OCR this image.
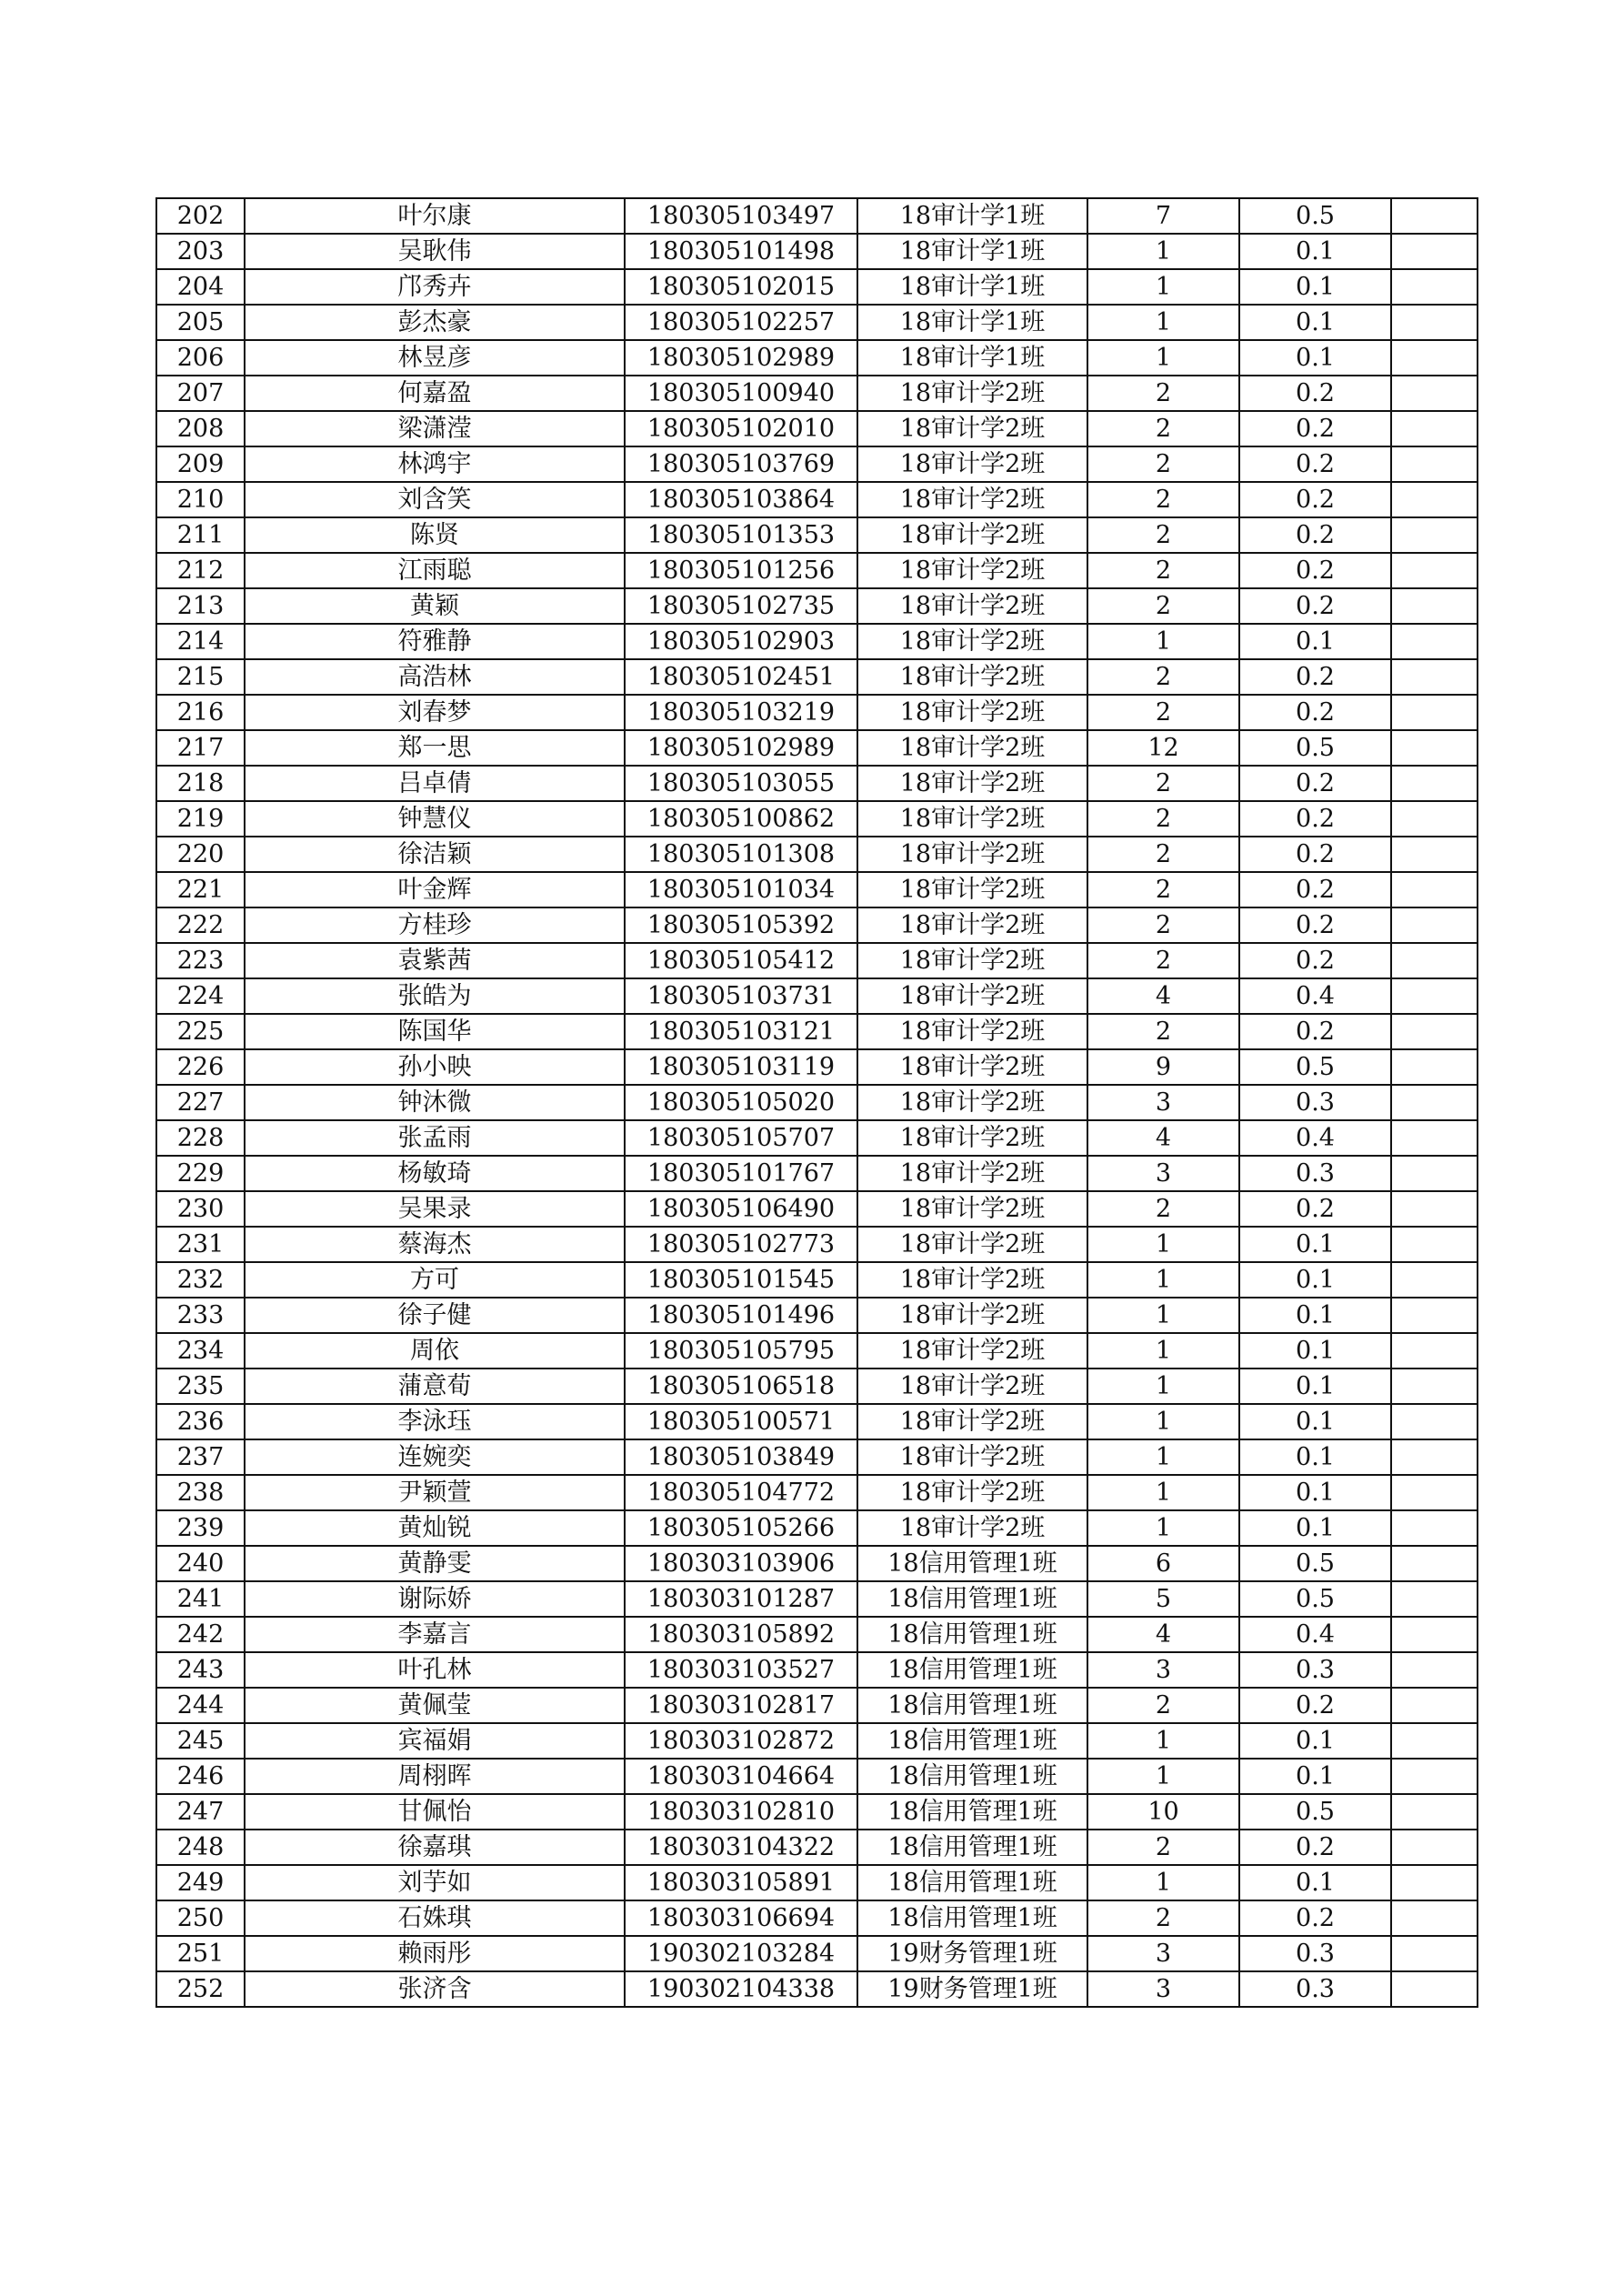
202	叶尔康	180305103497	18审计学1班	7	0.5	
203	吴耿伟	180305101498	18审计学1班	1	0.1	
204	邝秀卉	180305102015	18审计学1班	1	0.1	
205	彭杰豪	180305102257	18审计学1班	1	0.1	
206	林昱彦	180305102989	18审计学1班	1	0.1	
207	何嘉盈	180305100940	18审计学2班	2	0.2	
208	梁潇滢	180305102010	18审计学2班	2	0.2	
209	林鸿宇	180305103769	18审计学2班	2	0.2	
210	刘含笑	180305103864	18审计学2班	2	0.2	
211	陈贤	180305101353	18审计学2班	2	0.2	
212	江雨聪	180305101256	18审计学2班	2	0.2	
213	黄颖	180305102735	18审计学2班	2	0.2	
214	符雅静	180305102903	18审计学2班	1	0.1	
215	高浩林	180305102451	18审计学2班	2	0.2	
216	刘春梦	180305103219	18审计学2班	2	0.2	
217	郑一思	180305102989	18审计学2班	12	0.5	
218	吕卓倩	180305103055	18审计学2班	2	0.2	
219	钟慧仪	180305100862	18审计学2班	2	0.2	
220	徐洁颖	180305101308	18审计学2班	2	0.2	
221	叶金辉	180305101034	18审计学2班	2	0.2	
222	方桂珍	180305105392	18审计学2班	2	0.2	
223	袁紫茜	180305105412	18审计学2班	2	0.2	
224	张皓为	180305103731	18审计学2班	4	0.4	
225	陈国华	180305103121	18审计学2班	2	0.2	
226	孙小映	180305103119	18审计学2班	9	0.5	
227	钟沐微	180305105020	18审计学2班	3	0.3	
228	张孟雨	180305105707	18审计学2班	4	0.4	
229	杨敏琦	180305101767	18审计学2班	3	0.3	
230	吴果录	180305106490	18审计学2班	2	0.2	
231	蔡海杰	180305102773	18审计学2班	1	0.1	
232	方可	180305101545	18审计学2班	1	0.1	
233	徐子健	180305101496	18审计学2班	1	0.1	
234	周依	180305105795	18审计学2班	1	0.1	
235	蒲意荀	180305106518	18审计学2班	1	0.1	
236	李泳珏	180305100571	18审计学2班	1	0.1	
237	连婉奕	180305103849	18审计学2班	1	0.1	
238	尹颖萱	180305104772	18审计学2班	1	0.1	
239	黄灿锐	180305105266	18审计学2班	1	0.1	
240	黄静雯	180303103906	18信用管理1班	6	0.5	
241	谢际娇	180303101287	18信用管理1班	5	0.5	
242	李嘉言	180303105892	18信用管理1班	4	0.4	
243	叶孔林	180303103527	18信用管理1班	3	0.3	
244	黄佩莹	180303102817	18信用管理1班	2	0.2	
245	宾福娟	180303102872	18信用管理1班	1	0.1	
246	周栩晖	180303104664	18信用管理1班	1	0.1	
247	甘佩怡	180303102810	18信用管理1班	10	0.5	
248	徐嘉琪	180303104322	18信用管理1班	2	0.2	
249	刘芋如	180303105891	18信用管理1班	1	0.1	
250	石姝琪	180303106694	18信用管理1班	2	0.2	
251	赖雨彤	190302103284	19财务管理1班	3	0.3	
252	张济含	190302104338	19财务管理1班	3	0.3	
